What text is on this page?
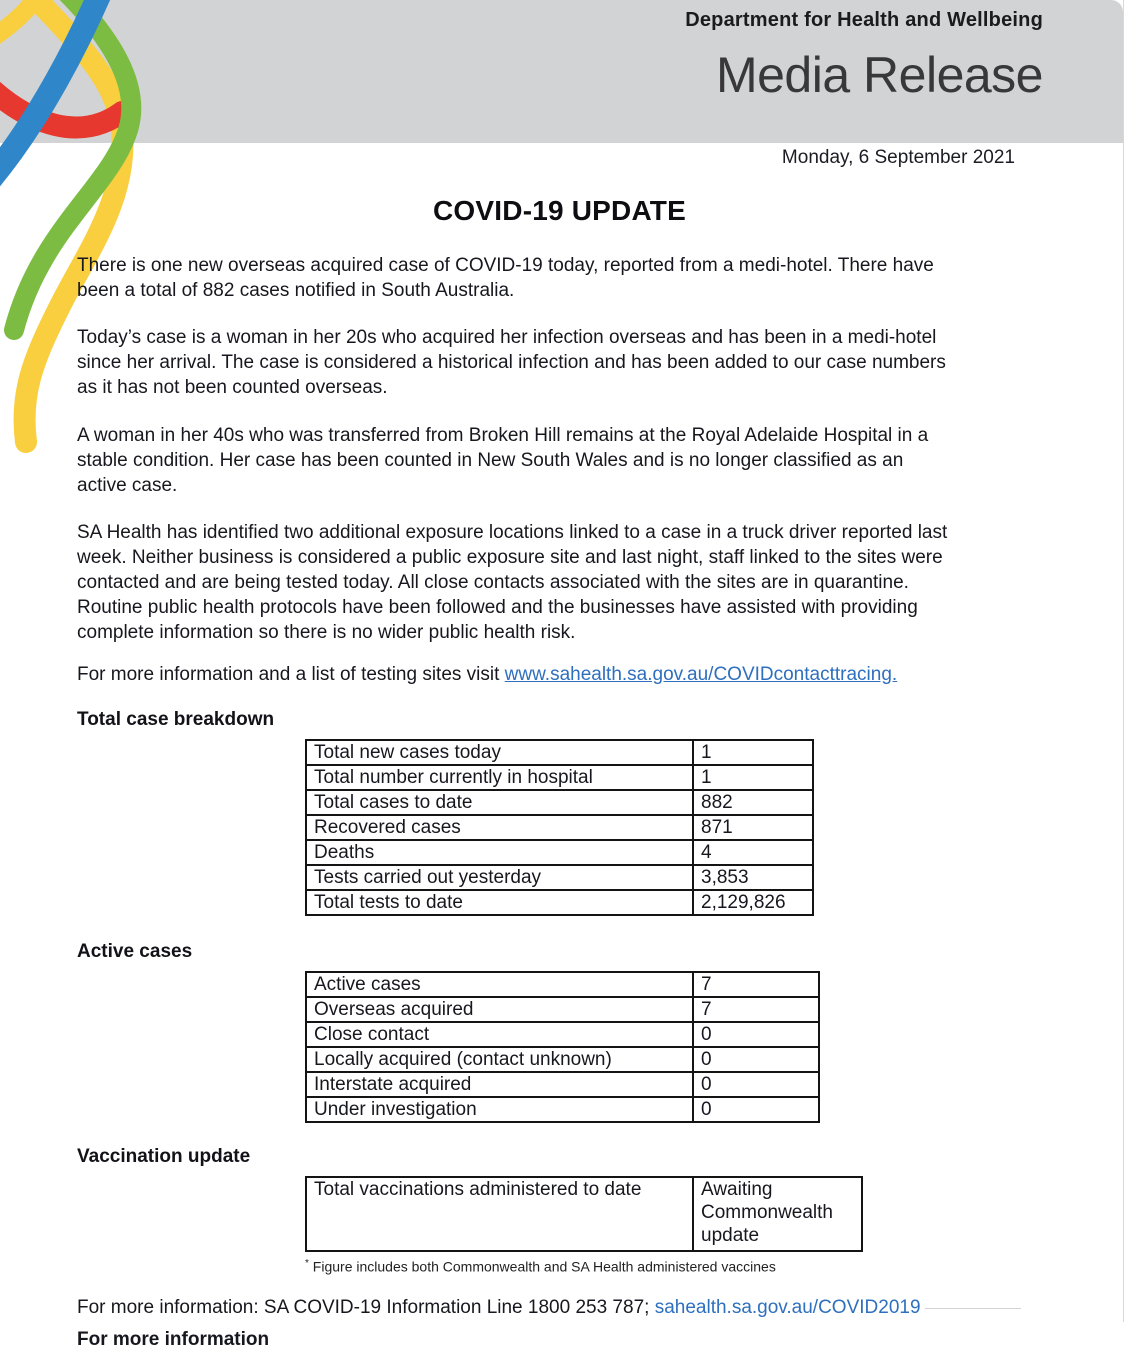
Department for Health and Wellbeing
Media Release
Monday, 6 September 2021
COVID-19 UPDATE
There is one new overseas acquired case of COVID-19 today, reported from a medi-hotel. There have
been a total of 882 cases notified in South Australia.
Today’s case is a woman in her 20s who acquired her infection overseas and has been in a medi-hotel
since her arrival. The case is considered a historical infection and has been added to our case numbers
as it has not been counted overseas.
A woman in her 40s who was transferred from Broken Hill remains at the Royal Adelaide Hospital in a
stable condition. Her case has been counted in New South Wales and is no longer classified as an
active case.
SA Health has identified two additional exposure locations linked to a case in a truck driver reported last
week. Neither business is considered a public exposure site and last night, staff linked to the sites were
contacted and are being tested today. All close contacts associated with the sites are in quarantine.
Routine public health protocols have been followed and the businesses have assisted with providing
complete information so there is no wider public health risk.
For more information and a list of testing sites visit www.sahealth.sa.gov.au/COVIDcontacttracing.
Total case breakdown
Total new cases today	1
Total number currently in hospital	1
Total cases to date	882
Recovered cases	871
Deaths	4
Tests carried out yesterday	3,853
Total tests to date	2,129,826
Active cases
Active cases	7
Overseas acquired	7
Close contact	0
Locally acquired (contact unknown)	0
Interstate acquired	0
Under investigation	0
Vaccination update
Total vaccinations administered to date	Awaiting Commonwealth update
* Figure includes both Commonwealth and SA Health administered vaccines
For more information: SA COVID-19 Information Line 1800 253 787; sahealth.sa.gov.au/COVID2019
For more information
